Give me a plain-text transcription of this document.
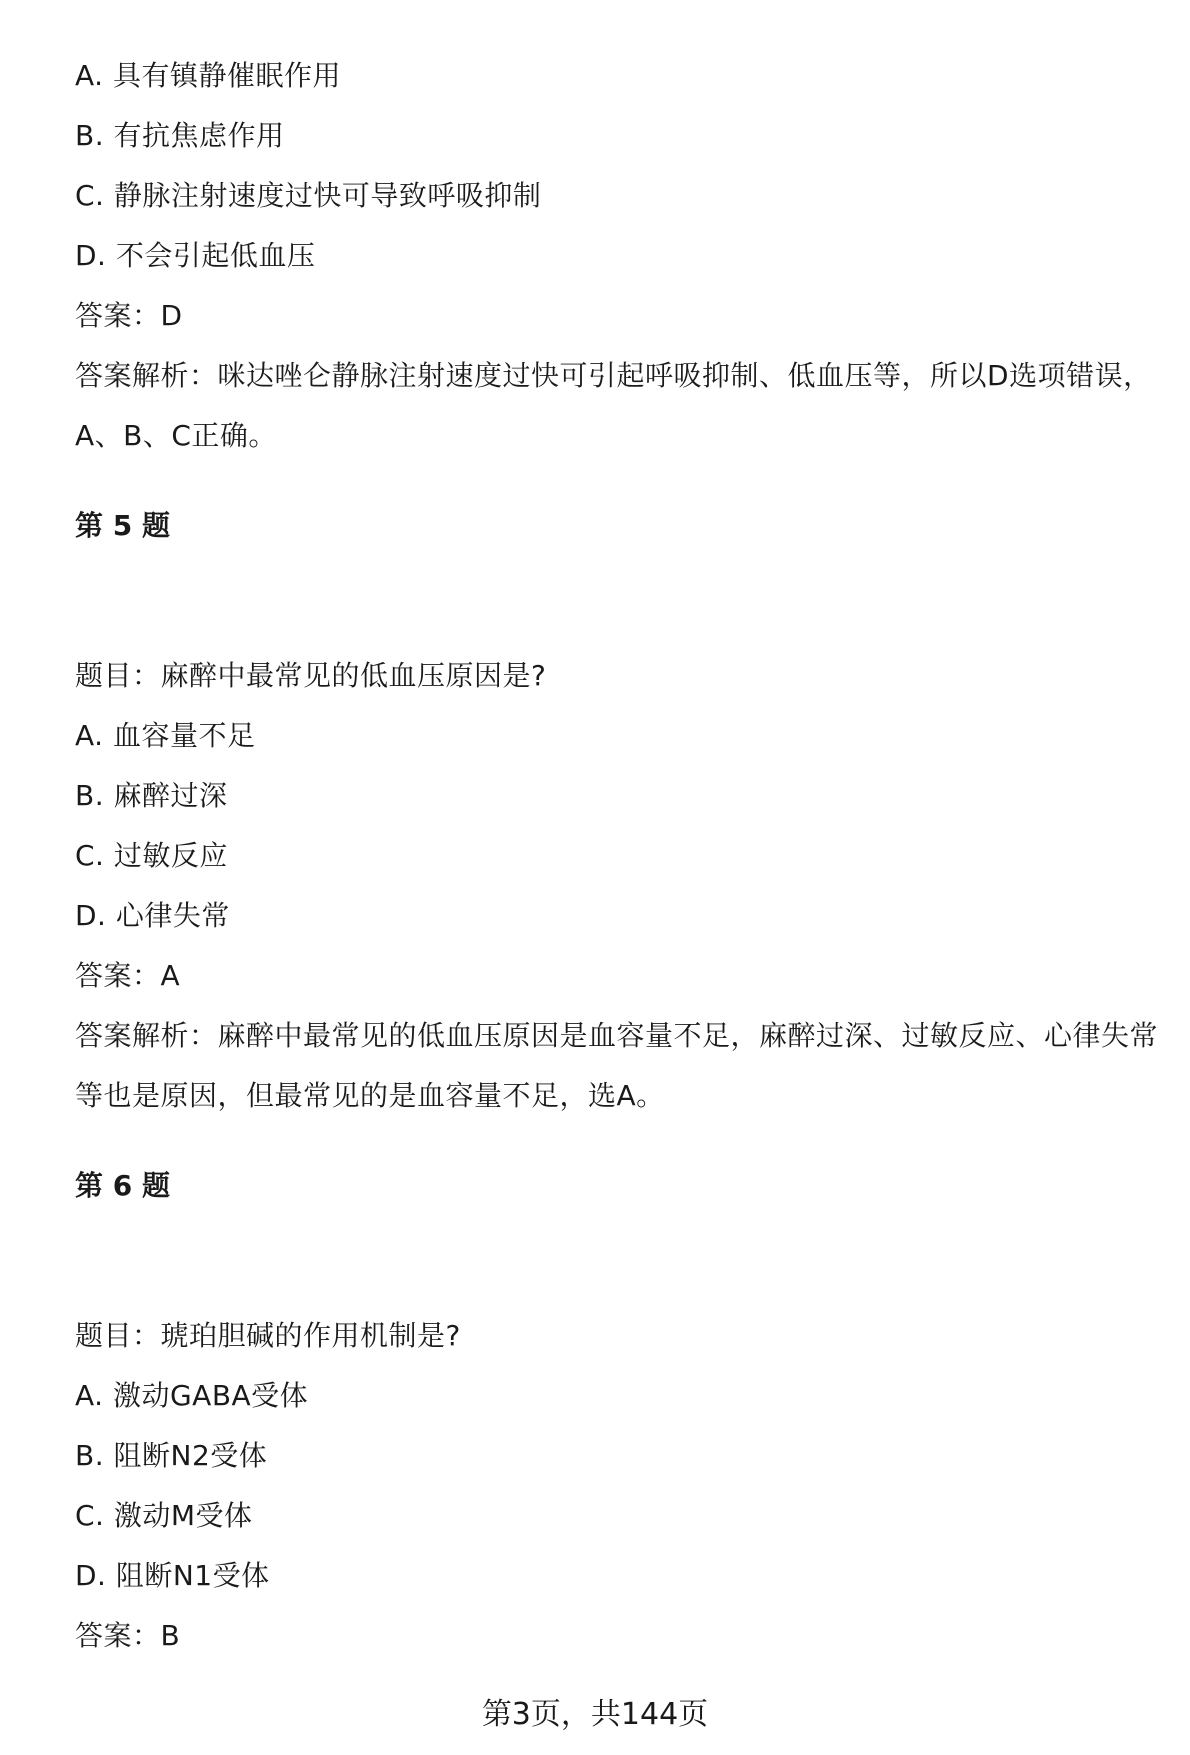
A. 具有镇静催眠作用
B. 有抗焦虑作用
C. 静脉注射速度过快可导致呼吸抑制
D. 不会引起低血压
答案：D
答案解析：咪达唑仑静脉注射速度过快可引起呼吸抑制、低血压等，所以D选项错误，A、B、C正确。
第 5 题
题目：麻醉中最常见的低血压原因是?
A. 血容量不足
B. 麻醉过深
C. 过敏反应
D. 心律失常
答案：A
答案解析：麻醉中最常见的低血压原因是血容量不足，麻醉过深、过敏反应、心律失常等也是原因，但最常见的是血容量不足，选A。
第 6 题
题目：琥珀胆碱的作用机制是?
A. 激动GABA受体
B. 阻断N2受体
C. 激动M受体
D. 阻断N1受体
答案：B
第3页，共144页
